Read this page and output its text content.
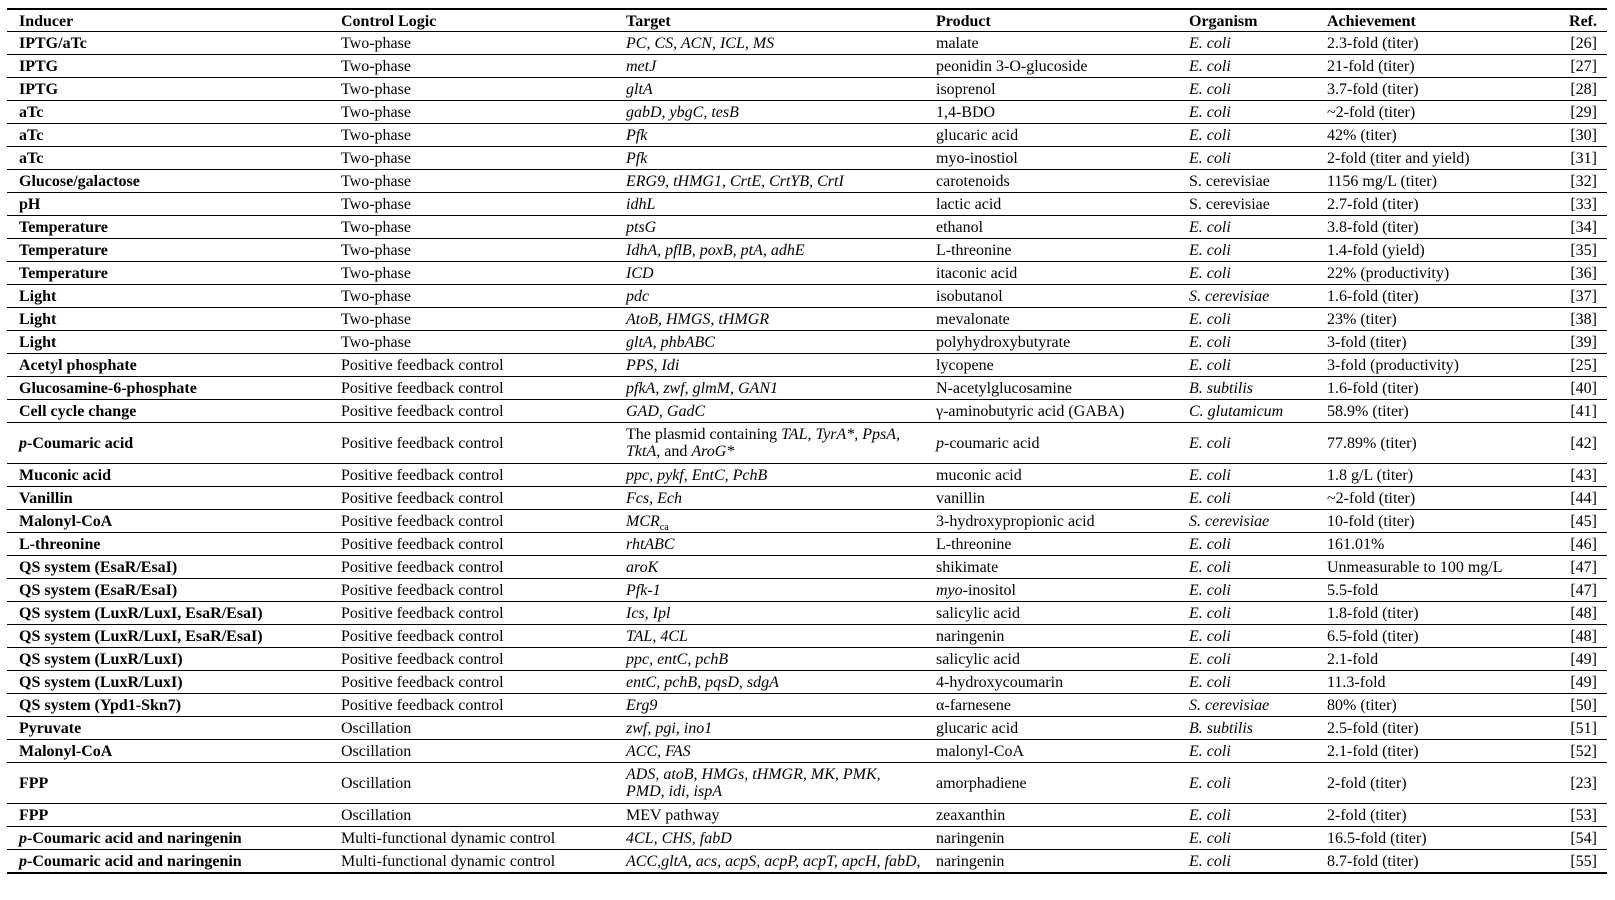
Inducer	Control Logic	Target	Product	Organism	Achievement	Ref.
IPTG/aTc	Two-phase	PC, CS, ACN, ICL, MS	malate	E. coli	2.3-fold (titer)	[26]
IPTG	Two-phase	metJ	peonidin 3-O-glucoside	E. coli	21-fold (titer)	[27]
IPTG	Two-phase	gltA	isoprenol	E. coli	3.7-fold (titer)	[28]
aTc	Two-phase	gabD, ybgC, tesB	1,4-BDO	E. coli	~2-fold (titer)	[29]
aTc	Two-phase	Pfk	glucaric acid	E. coli	42% (titer)	[30]
aTc	Two-phase	Pfk	myo-inostiol	E. coli	2-fold (titer and yield)	[31]
Glucose/galactose	Two-phase	ERG9, tHMG1, CrtE, CrtYB, CrtI	carotenoids	S. cerevisiae	1156 mg/L (titer)	[32]
pH	Two-phase	idhL	lactic acid	S. cerevisiae	2.7-fold (titer)	[33]
Temperature	Two-phase	ptsG	ethanol	E. coli	3.8-fold (titer)	[34]
Temperature	Two-phase	IdhA, pflB, poxB, ptA, adhE	L-threonine	E. coli	1.4-fold (yield)	[35]
Temperature	Two-phase	ICD	itaconic acid	E. coli	22% (productivity)	[36]
Light	Two-phase	pdc	isobutanol	S. cerevisiae	1.6-fold (titer)	[37]
Light	Two-phase	AtoB, HMGS, tHMGR	mevalonate	E. coli	23% (titer)	[38]
Light	Two-phase	gltA, phbABC	polyhydroxybutyrate	E. coli	3-fold (titer)	[39]
Acetyl phosphate	Positive feedback control	PPS, Idi	lycopene	E. coli	3-fold (productivity)	[25]
Glucosamine-6-phosphate	Positive feedback control	pfkA, zwf, glmM, GAN1	N-acetylglucosamine	B. subtilis	1.6-fold (titer)	[40]
Cell cycle change	Positive feedback control	GAD, GadC	γ-aminobutyric acid (GABA)	C. glutamicum	58.9% (titer)	[41]
p-Coumaric acid	Positive feedback control	The plasmid containing TAL, TyrA*, PpsA, TktA, and AroG*	p-coumaric acid	E. coli	77.89% (titer)	[42]
Muconic acid	Positive feedback control	ppc, pykf, EntC, PchB	muconic acid	E. coli	1.8 g/L (titer)	[43]
Vanillin	Positive feedback control	Fcs, Ech	vanillin	E. coli	~2-fold (titer)	[44]
Malonyl-CoA	Positive feedback control	$MCR_{ca}$	3-hydroxypropionic acid	S. cerevisiae	10-fold (titer)	[45]
L-threonine	Positive feedback control	rhtABC	L-threonine	E. coli	161.01%	[46]
QS system (EsaR/EsaI)	Positive feedback control	aroK	shikimate	E. coli	Unmeasurable to 100 mg/L	[47]
QS system (EsaR/EsaI)	Positive feedback control	Pfk-1	myo-inositol	E. coli	5.5-fold	[47]
QS system (LuxR/LuxI, EsaR/EsaI)	Positive feedback control	Ics, Ipl	salicylic acid	E. coli	1.8-fold (titer)	[48]
QS system (LuxR/LuxI, EsaR/EsaI)	Positive feedback control	TAL, 4CL	naringenin	E. coli	6.5-fold (titer)	[48]
QS system (LuxR/LuxI)	Positive feedback control	ppc, entC, pchB	salicylic acid	E. coli	2.1-fold	[49]
QS system (LuxR/LuxI)	Positive feedback control	entC, pchB, pqsD, sdgA	4-hydroxycoumarin	E. coli	11.3-fold	[49]
QS system (Ypd1-Skn7)	Positive feedback control	Erg9	α-farnesene	S. cerevisiae	80% (titer)	[50]
Pyruvate	Oscillation	zwf, pgi, ino1	glucaric acid	B. subtilis	2.5-fold (titer)	[51]
Malonyl-CoA	Oscillation	ACC, FAS	malonyl-CoA	E. coli	2.1-fold (titer)	[52]
FPP	Oscillation	ADS, atoB, HMGs, tHMGR, MK, PMK, PMD, idi, ispA	amorphadiene	E. coli	2-fold (titer)	[23]
FPP	Oscillation	MEV pathway	zeaxanthin	E. coli	2-fold (titer)	[53]
p-Coumaric acid and naringenin	Multi-functional dynamic control	4CL, CHS, fabD	naringenin	E. coli	16.5-fold (titer)	[54]
p-Coumaric acid and naringenin	Multi-functional dynamic control	ACC,gltA, acs, acpS, acpP, acpT, apcH, fabD,	naringenin	E. coli	8.7-fold (titer)	[55]
